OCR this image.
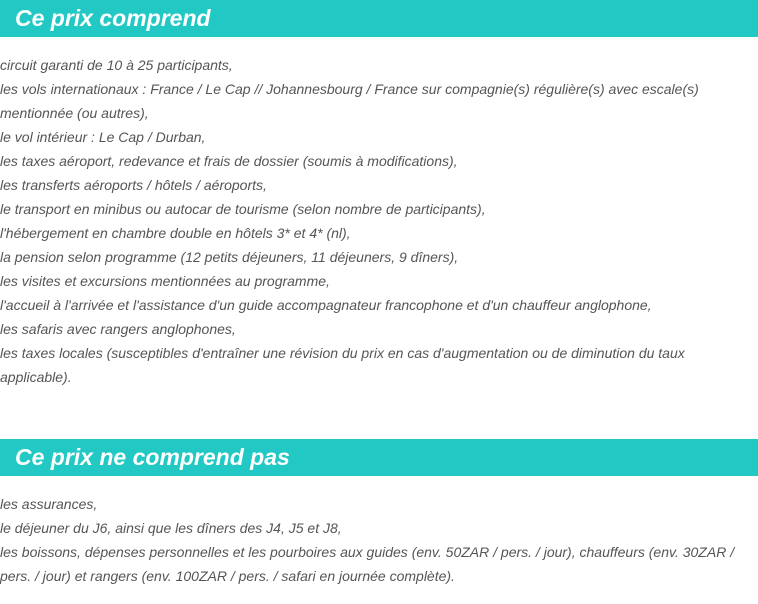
Ce prix comprend
circuit garanti de 10 à 25 participants,
les vols internationaux : France / Le Cap // Johannesbourg / France sur compagnie(s) régulière(s) avec escale(s) mentionnée (ou autres),
le vol intérieur : Le Cap / Durban,
les taxes aéroport, redevance et frais de dossier (soumis à modifications),
les transferts aéroports / hôtels / aéroports,
le transport en minibus ou autocar de tourisme (selon nombre de participants),
l'hébergement en chambre double en hôtels 3* et 4* (nl),
la pension selon programme (12 petits déjeuners, 11 déjeuners, 9 dîners),
les visites et excursions mentionnées au programme,
l'accueil à l'arrivée et l'assistance d'un guide accompagnateur francophone et d'un chauffeur anglophone,
les safaris avec rangers anglophones,
les taxes locales (susceptibles d'entraîner une révision du prix en cas d'augmentation ou de diminution du taux applicable).
Ce prix ne comprend pas
les assurances,
le déjeuner du J6, ainsi que les dîners des J4, J5 et J8,
les boissons, dépenses personnelles et les pourboires aux guides (env. 50ZAR / pers. / jour), chauffeurs (env. 30ZAR / pers. / jour) et rangers (env. 100ZAR / pers. / safari en journée complète).
